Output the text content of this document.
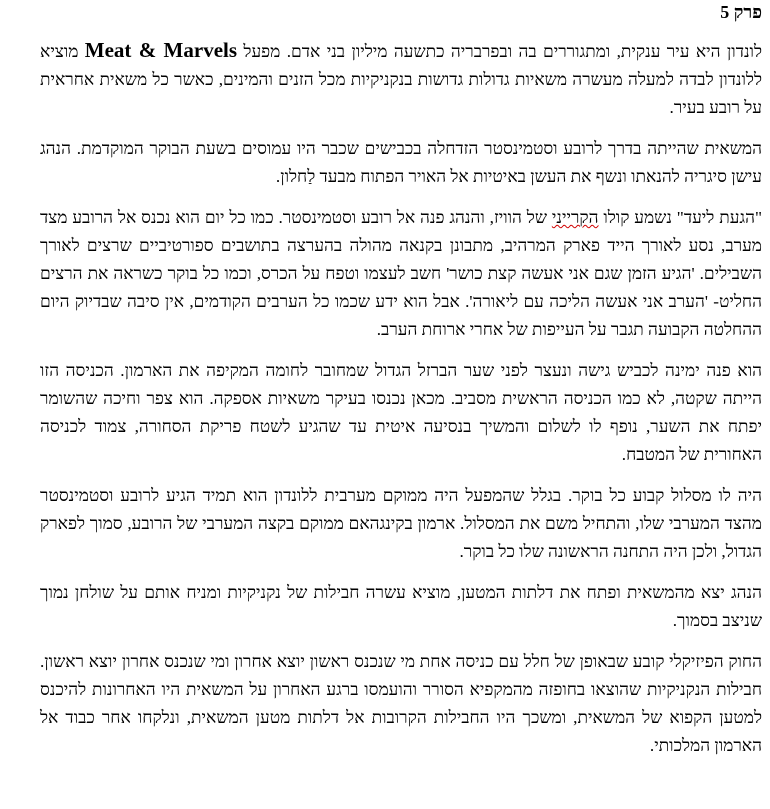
פרק 5

לונדון היא עיר ענקית, ומתגוררים בה ובפרבריה כתשעה מיליון בני אדם. מפעל Meat & Marvels מוציא ללונדון לבדה למעלה מעשרה משאיות גדולות גדושות בנקניקיות מכל הזנים והמינים, כאשר כל משאית אחראית על רובע בעיר.

המשאית שהייתה בדרך לרובע וסטמינסטר הזדחלה בכבישים שכבר היו עמוסים בשעת הבוקר המוקדמת. הנהג עישן סיגריה להנאתו ונשף את העשן באיטיות אל האויר הפתוח מבעד לַחלון.

"הגעת ליעד" נשמע קולו הקרייני של הוויז, והנהג פנה אל רובע וסטמינסטר. כמו כל יום הוא נכנס אל הרובע מצד מערב, נסע לאורך הייד פארק המרהיב, מתבונן בקנאה מהולה בהערצה בתושבים ספורטיביים שרצים לאורך השבילים. 'הגיע הזמן שגם אני אעשה קצת כושר' חשב לעצמו וטפח על הכרס, וכמו כל בוקר כשראה את הרצים החליט- 'הערב אני אעשה הליכה עם ליאורה'. אבל הוא ידע שכמו כל הערבים הקודמים, אין סיבה שבדיוק היום ההחלטה הקבועה תגבר על העייפות של אחרי ארוחת הערב.

הוא פנה ימינה לכביש גישה ונעצר לפני שער הברזל הגדול שמחובר לחומה המקיפה את הארמון. הכניסה הזו הייתה שקטה, לא כמו הכניסה הראשית מסביב. מכאן נכנסו בעיקר משאיות אספקה. הוא צפר וחיכה שהשומר יפתח את השער, נופף לו לשלום והמשיך בנסיעה איטית עד שהגיע לשטח פריקת הסחורה, צמוד לכניסה האחורית של המטבח.

היה לו מסלול קבוע כל בוקר. בגלל שהמפעל היה ממוקם מערבית ללונדון הוא תמיד הגיע לרובע וסטמינסטר מהצד המערבי שלו, והתחיל משם את המסלול. ארמון בקינגהאם ממוקם בקצה המערבי של הרובע, סמוך לפארק הגדול, ולכן היה התחנה הראשונה שלו כל בוקר.

הנהג יצא מהמשאית ופתח את דלתות המטען, מוציא עשרה חבילות של נקניקיות ומניח אותם על שולחן נמוך שניצב בסמוך.

החוק הפיזיקלי קובע שבאופן של חלל עם כניסה אחת מי שנכנס ראשון יוצא אחרון ומי שנכנס אחרון יוצא ראשון. חבילות הנקניקיות שהוצאו בחופזה מהמקפיא הסורר והועמסו ברגע האחרון על המשאית היו האחרונות להיכנס למטען הקפוא של המשאית, ומשכך היו החבילות הקרובות אל דלתות מטען המשאית, ונלקחו אחר כבוד אל הארמון המלכותי.
